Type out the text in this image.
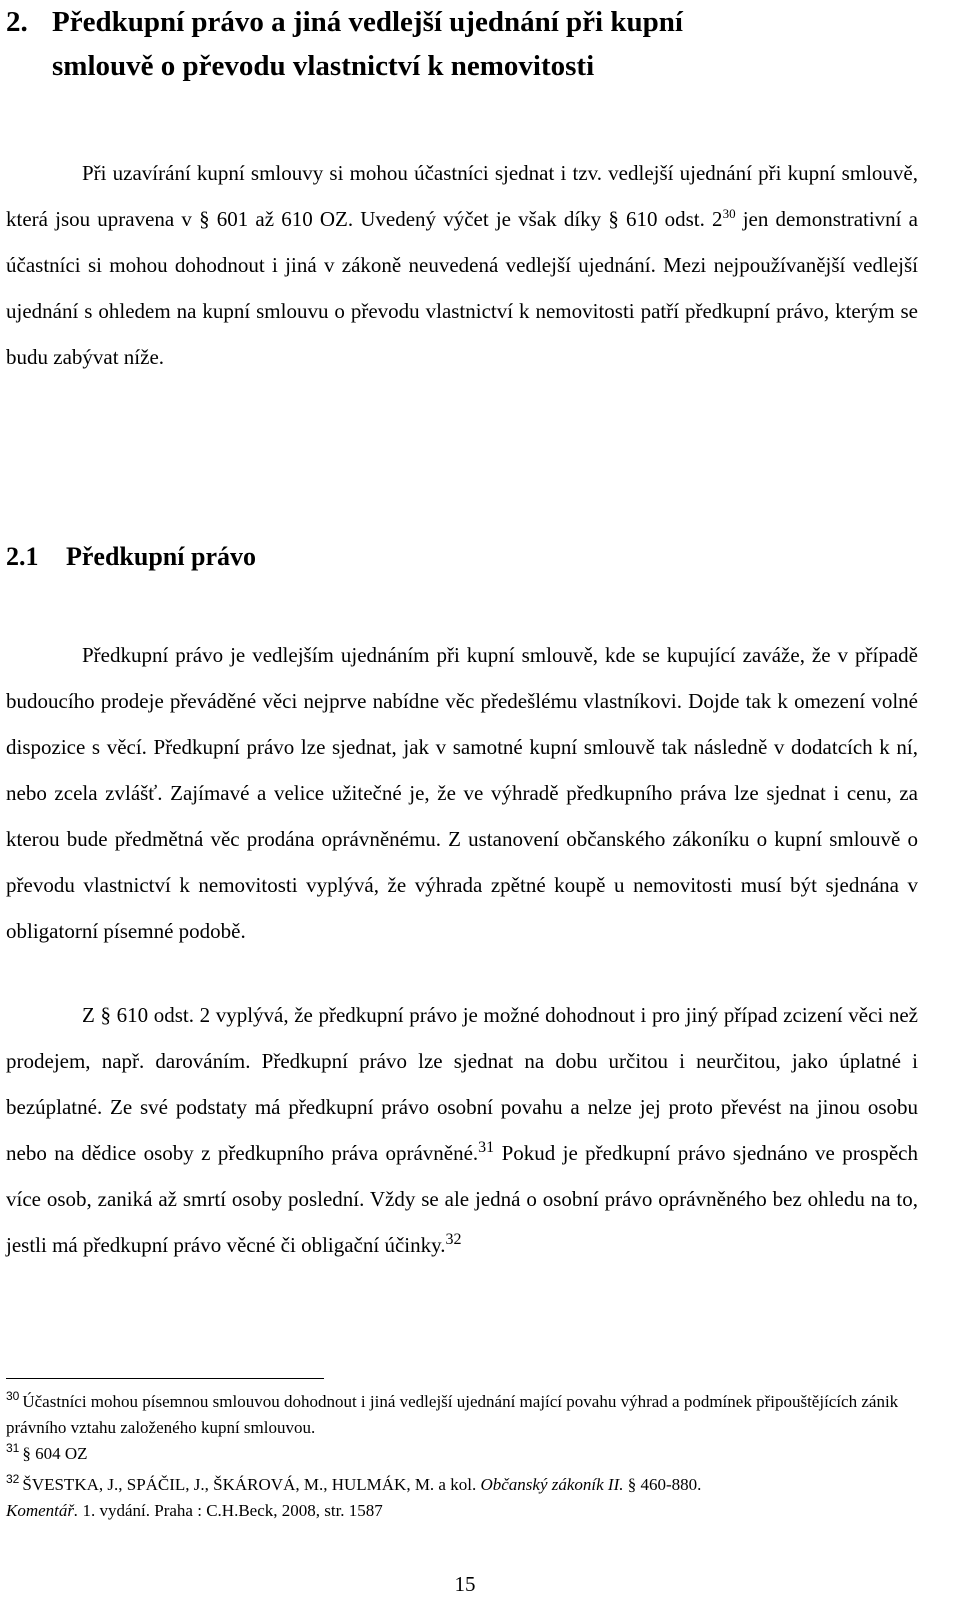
2. Předkupní právo a jiná vedlejší ujednání při kupní
smlouvě o převodu vlastnictví k nemovitosti
Při uzavírání kupní smlouvy si mohou účastníci sjednat i tzv. vedlejší ujednání při kupní smlouvě, která jsou upravena v § 601 až 610 OZ. Uvedený výčet je však díky § 610 odst. $2^{30}$ jen demonstrativní a účastníci si mohou dohodnout i jiná v zákoně neuvedená vedlejší ujednání. Mezi nejpoužívanější vedlejší ujednání s ohledem na kupní smlouvu o převodu vlastnictví k nemovitosti patří předkupní právo, kterým se budu zabývat níže.
2.1 Předkupní právo
Předkupní právo je vedlejším ujednáním při kupní smlouvě, kde se kupující zaváže, že v případě budoucího prodeje převáděné věci nejprve nabídne věc předešlému vlastníkovi. Dojde tak k omezení volné dispozice s věcí. Předkupní právo lze sjednat, jak v samotné kupní smlouvě tak následně v dodatcích k ní, nebo zcela zvlášť. Zajímavé a velice užitečné je, že ve výhradě předkupního práva lze sjednat i cenu, za kterou bude předmětná věc prodána oprávněnému. Z ustanovení občanského zákoníku o kupní smlouvě o převodu vlastnictví k nemovitosti vyplývá, že výhrada zpětné koupě u nemovitosti musí být sjednána v obligatorní písemné podobě.
Z § 610 odst. 2 vyplývá, že předkupní právo je možné dohodnout i pro jiný případ zcizení věci než prodejem, např. darováním. Předkupní právo lze sjednat na dobu určitou i neurčitou, jako úplatné i bezúplatné. Ze své podstaty má předkupní právo osobní povahu a nelze jej proto převést na jinou osobu nebo na dědice osoby z předkupního práva oprávněné.$^{31}$ Pokud je předkupní právo sjednáno ve prospěch více osob, zaniká až smrtí osoby poslední. Vždy se ale jedná o osobní právo oprávněného bez ohledu na to, jestli má předkupní právo věcné či obligační účinky.$^{32}$
$^{30}$ Účastníci mohou písemnou smlouvou dohodnout i jiná vedlejší ujednání mající povahu výhrad a podmínek připouštějících zánik právního vztahu založeného kupní smlouvou.
$^{31}$ § 604 OZ
$^{32}$ ŠVESTKA, J., SPÁČIL, J., ŠKÁROVÁ, M., HULMÁK, M. a kol. Občanský zákoník II. § 460-880.
Komentář. 1. vydání. Praha : C.H.Beck, 2008, str. 1587
15
